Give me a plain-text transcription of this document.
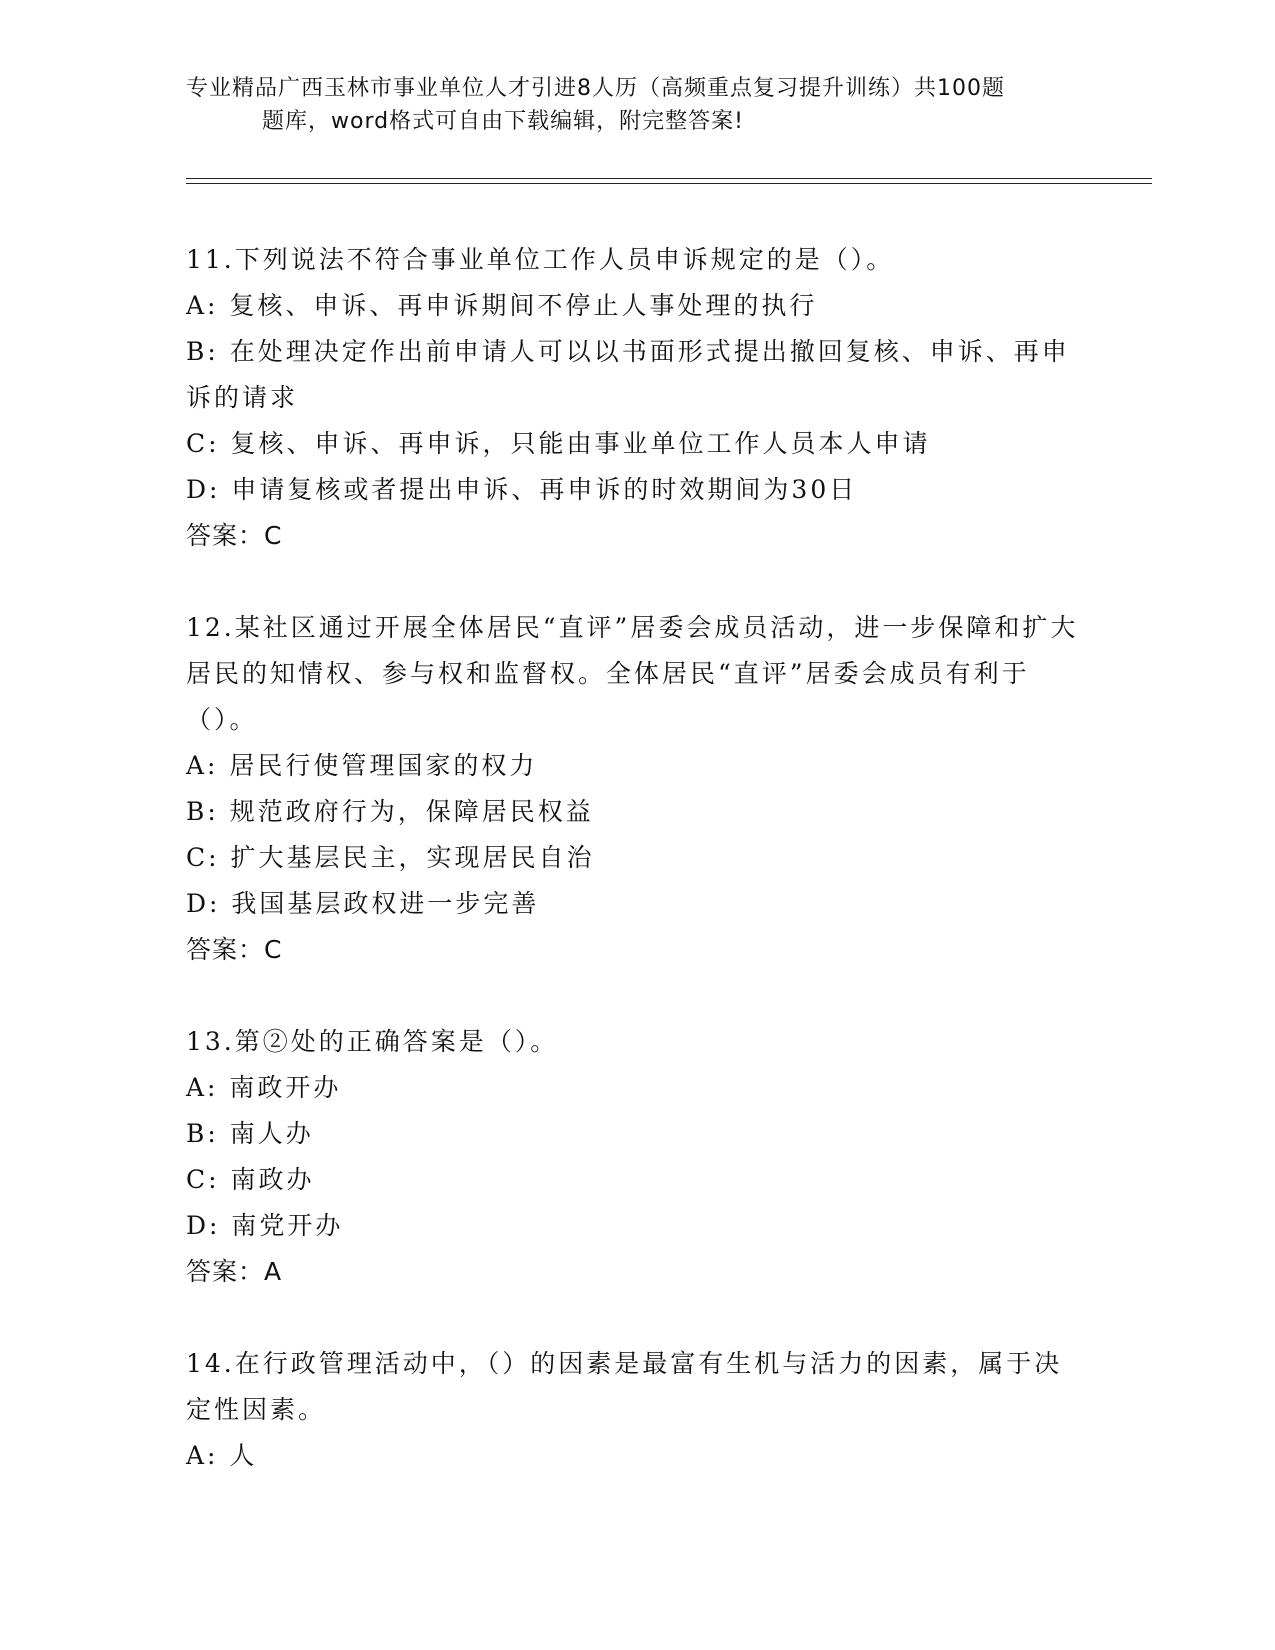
专业精品广西玉林市事业单位人才引进8人历（高频重点复习提升训练）共100题
题库，word格式可自由下载编辑，附完整答案!

11.下列说法不符合事业单位工作人员申诉规定的是（）。

A: 复核、申诉、再申诉期间不停止人事处理的执行

B: 在处理决定作出前申请人可以以书面形式提出撤回复核、申诉、再申诉的请求

C: 复核、申诉、再申诉，只能由事业单位工作人员本人申请

D: 申请复核或者提出申诉、再申诉的时效期间为30日

答案：C

12.某社区通过开展全体居民“直评”居委会成员活动，进一步保障和扩大居民的知情权、参与权和监督权。全体居民“直评”居委会成员有利于（）。

A: 居民行使管理国家的权力

B: 规范政府行为，保障居民权益

C: 扩大基层民主，实现居民自治

D: 我国基层政权进一步完善

答案：C

13.第②处的正确答案是（）。

A: 南政开办

B: 南人办

C: 南政办

D: 南党开办

答案：A

14.在行政管理活动中，（）的因素是最富有生机与活力的因素，属于决定性因素。

A: 人
